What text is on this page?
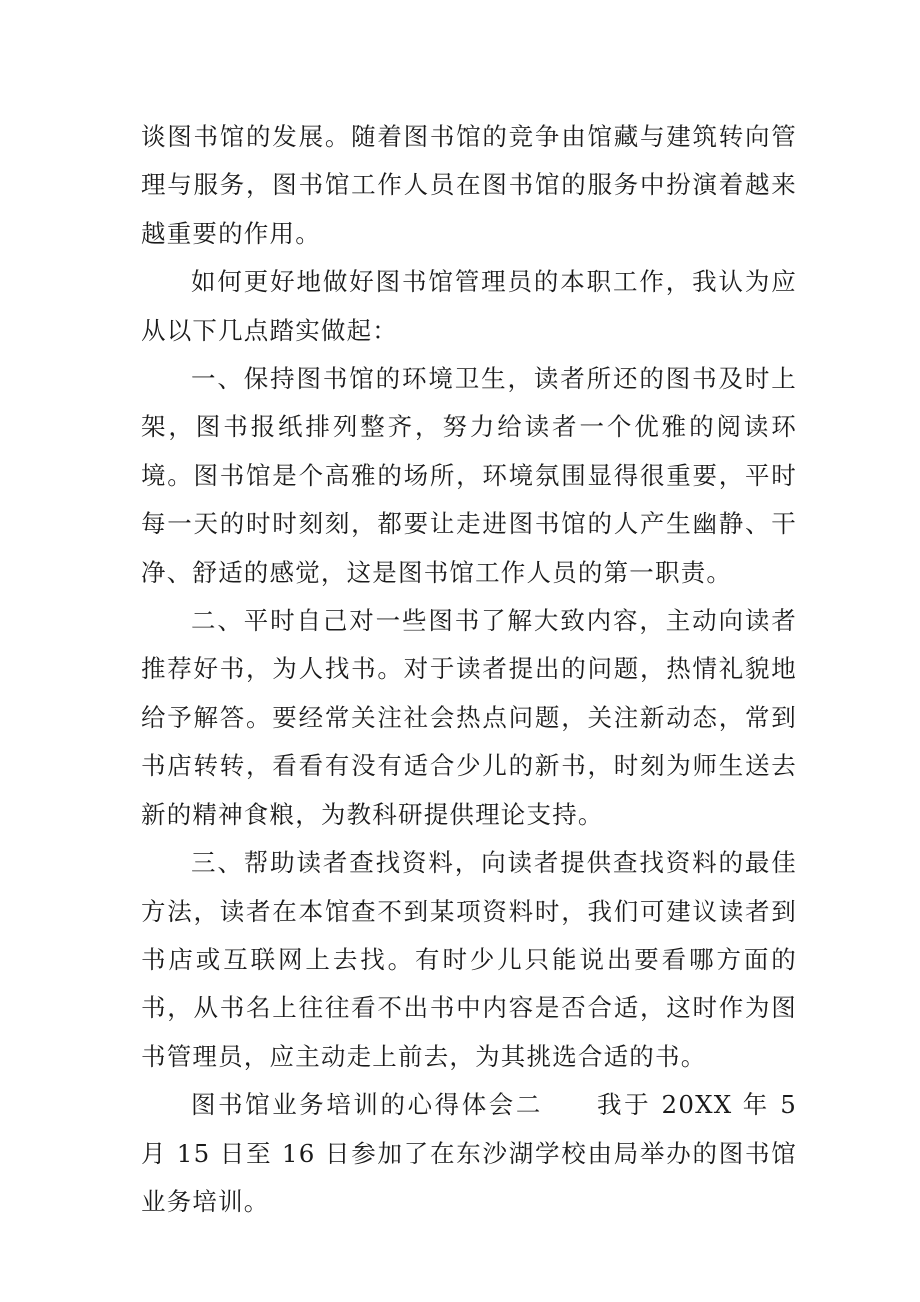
谈图书馆的发展。随着图书馆的竞争由馆藏与建筑转向管理与服务，图书馆工作人员在图书馆的服务中扮演着越来越重要的作用。

如何更好地做好图书馆管理员的本职工作，我认为应从以下几点踏实做起：

一、保持图书馆的环境卫生，读者所还的图书及时上架，图书报纸排列整齐，努力给读者一个优雅的阅读环境。图书馆是个高雅的场所，环境氛围显得很重要，平时每一天的时时刻刻，都要让走进图书馆的人产生幽静、干净、舒适的感觉，这是图书馆工作人员的第一职责。

二、平时自己对一些图书了解大致内容，主动向读者推荐好书，为人找书。对于读者提出的问题，热情礼貌地给予解答。要经常关注社会热点问题，关注新动态，常到书店转转，看看有没有适合少儿的新书，时刻为师生送去新的精神食粮，为教科研提供理论支持。

三、帮助读者查找资料，向读者提供查找资料的最佳方法，读者在本馆查不到某项资料时，我们可建议读者到书店或互联网上去找。有时少儿只能说出要看哪方面的书，从书名上往往看不出书中内容是否合适，这时作为图书管理员，应主动走上前去，为其挑选合适的书。

图书馆业务培训的心得体会二　　我于 20XX 年 5 月 15 日至 16 日参加了在东沙湖学校由局举办的图书馆业务培训。
